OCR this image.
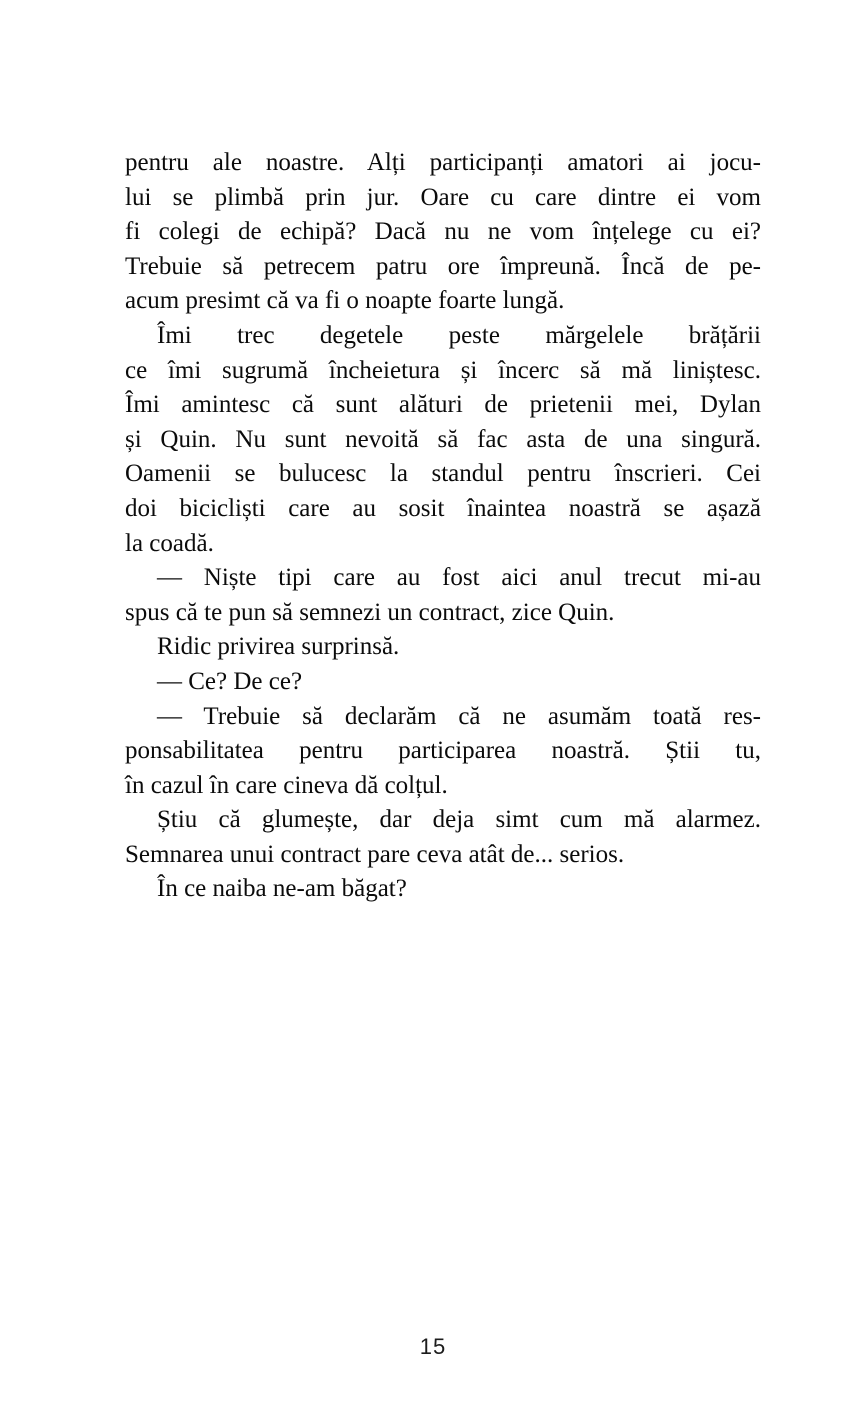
pentru ale noastre. Alți participanți amatori ai jocu-
lui se plimbă prin jur. Oare cu care dintre ei vom
fi colegi de echipă? Dacă nu ne vom înțelege cu ei?
Trebuie să petrecem patru ore împreună. Încă de pe-
acum presimt că va fi o noapte foarte lungă.
Îmi trec degetele peste mărgelele brățării
ce îmi sugrumă încheietura și încerc să mă liniștesc.
Îmi amintesc că sunt alături de prietenii mei, Dylan
și Quin. Nu sunt nevoită să fac asta de una singură.
Oamenii se bulucesc la standul pentru înscrieri. Cei
doi bicicliști care au sosit înaintea noastră se așază
la coadă.
— Niște tipi care au fost aici anul trecut mi-au
spus că te pun să semnezi un contract, zice Quin.
Ridic privirea surprinsă.
— Ce? De ce?
— Trebuie să declarăm că ne asumăm toată res-
ponsabilitatea pentru participarea noastră. Știi tu,
în cazul în care cineva dă colțul.
Știu că glumește, dar deja simt cum mă alarmez.
Semnarea unui contract pare ceva atât de... serios.
În ce naiba ne-am băgat?
15
